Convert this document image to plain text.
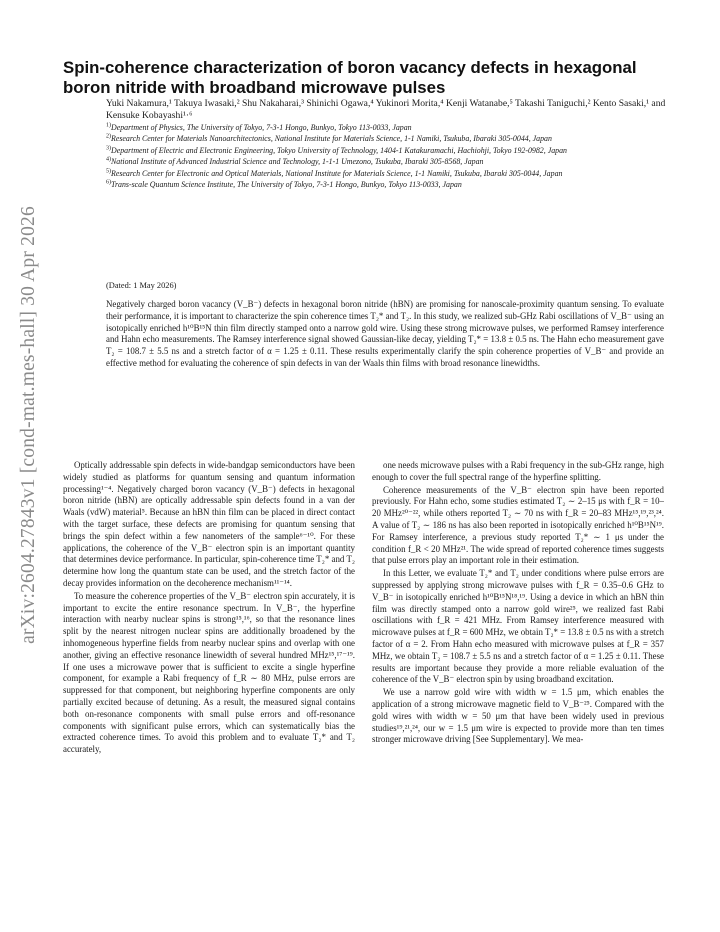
arXiv:2604.27843v1 [cond-mat.mes-hall] 30 Apr 2026
Spin-coherence characterization of boron vacancy defects in hexagonal boron nitride with broadband microwave pulses
Yuki Nakamura,¹ Takuya Iwasaki,² Shu Nakaharai,³ Shinichi Ogawa,⁴ Yukinori Morita,⁴ Kenji Watanabe,⁵ Takashi Taniguchi,² Kento Sasaki,¹ and Kensuke Kobayashi¹·⁶
$^{1)}$Department of Physics, The University of Tokyo, 7-3-1 Hongo, Bunkyo, Tokyo 113-0033, Japan
$^{2)}$Research Center for Materials Nanoarchitectonics, National Institute for Materials Science, 1-1 Namiki, Tsukuba, Ibaraki 305-0044, Japan
$^{3)}$Department of Electric and Electronic Engineering, Tokyo University of Technology, 1404-1 Katakuramachi, Hachiohji, Tokyo 192-0982, Japan
$^{4)}$National Institute of Advanced Industrial Science and Technology, 1-1-1 Umezono, Tsukuba, Ibaraki 305-8568, Japan
$^{5)}$Research Center for Electronic and Optical Materials, National Institute for Materials Science, 1-1 Namiki, Tsukuba, Ibaraki 305-0044, Japan
$^{6)}$Trans-scale Quantum Science Institute, The University of Tokyo, 7-3-1 Hongo, Bunkyo, Tokyo 113-0033, Japan
(Dated: 1 May 2026)
Negatively charged boron vacancy (V_B⁻) defects in hexagonal boron nitride (hBN) are promising for nanoscale-proximity quantum sensing. To evaluate their performance, it is important to characterize the spin coherence times T₂* and T₂. In this study, we realized sub-GHz Rabi oscillations of V_B⁻ using an isotopically enriched h¹⁰B¹⁵N thin film directly stamped onto a narrow gold wire. Using these strong microwave pulses, we performed Ramsey interference and Hahn echo measurements. The Ramsey interference signal showed Gaussian-like decay, yielding T₂* = 13.8 ± 0.5 ns. The Hahn echo measurement gave T₂ = 108.7 ± 5.5 ns and a stretch factor of α = 1.25 ± 0.11. These results experimentally clarify the spin coherence properties of V_B⁻ and provide an effective method for evaluating the coherence of spin defects in van der Waals thin films with broad resonance linewidths.

Optically addressable spin defects in wide-bandgap semiconductors have been widely studied as platforms for quantum sensing and quantum information processing¹⁻⁴. Negatively charged boron vacancy (V_B⁻) defects in hexagonal boron nitride (hBN) are optically addressable spin defects found in a van der Waals (vdW) material⁵. Because an hBN thin film can be placed in direct contact with the target surface, these defects are promising for quantum sensing that brings the spin defect within a few nanometers of the sample⁶⁻¹⁰. For these applications, the coherence of the V_B⁻ electron spin is an important quantity that determines device performance. In particular, spin-coherence time T₂* and T₂ determine how long the quantum state can be used, and the stretch factor of the decay provides information on the decoherence mechanism¹¹⁻¹⁴.

To measure the coherence properties of the V_B⁻ electron spin accurately, it is important to excite the entire resonance spectrum. In V_B⁻, the hyperfine interaction with nearby nuclear spins is strong¹⁵,¹⁶, so that the resonance lines split by the nearest nitrogen nuclear spins are additionally broadened by the inhomogeneous hyperfine fields from nearby nuclear spins and overlap with one another, giving an effective resonance linewidth of several hundred MHz¹⁵,¹⁷⁻¹⁹. If one uses a microwave power that is sufficient to excite a single hyperfine component, for example a Rabi frequency of f_R ∼ 80 MHz, pulse errors are suppressed for that component, but neighboring hyperfine components are only partially excited because of detuning. As a result, the measured signal contains both on-resonance components with small pulse errors and off-resonance components with significant pulse errors, which can systematically bias the extracted coherence times. To avoid this problem and to evaluate T₂* and T₂ accurately,

one needs microwave pulses with a Rabi frequency in the sub-GHz range, high enough to cover the full spectral range of the hyperfine splitting.

Coherence measurements of the V_B⁻ electron spin have been reported previously. For Hahn echo, some studies estimated T₂ ∼ 2–15 μs with f_R = 10–20 MHz²⁰⁻²², while others reported T₂ ∼ 70 ns with f_R = 20–83 MHz¹⁵,¹⁹,²³,²⁴. A value of T₂ ∼ 186 ns has also been reported in isotopically enriched h¹⁰B¹⁵N¹⁹. For Ramsey interference, a previous study reported T₂* ∼ 1 μs under the condition f_R < 20 MHz²¹. The wide spread of reported coherence times suggests that pulse errors play an important role in their estimation.

In this Letter, we evaluate T₂* and T₂ under conditions where pulse errors are suppressed by applying strong microwave pulses with f_R = 0.35–0.6 GHz to V_B⁻ in isotopically enriched h¹⁰B¹⁵N¹⁸,¹⁹. Using a device in which an hBN thin film was directly stamped onto a narrow gold wire²⁵, we realized fast Rabi oscillations with f_R = 421 MHz. From Ramsey interference measured with microwave pulses at f_R = 600 MHz, we obtain T₂* = 13.8 ± 0.5 ns with a stretch factor of α = 2. From Hahn echo measured with microwave pulses at f_R = 357 MHz, we obtain T₂ = 108.7 ± 5.5 ns and a stretch factor of α = 1.25 ± 0.11. These results are important because they provide a more reliable evaluation of the coherence of the V_B⁻ electron spin by using broadband excitation.

We use a narrow gold wire with width w = 1.5 μm, which enables the application of a strong microwave magnetic field to V_B⁻²⁵. Compared with the gold wires with width w = 50 μm that have been widely used in previous studies¹⁹,²¹,²⁴, our w = 1.5 μm wire is expected to provide more than ten times stronger microwave driving [See Supplementary]. We mea-
